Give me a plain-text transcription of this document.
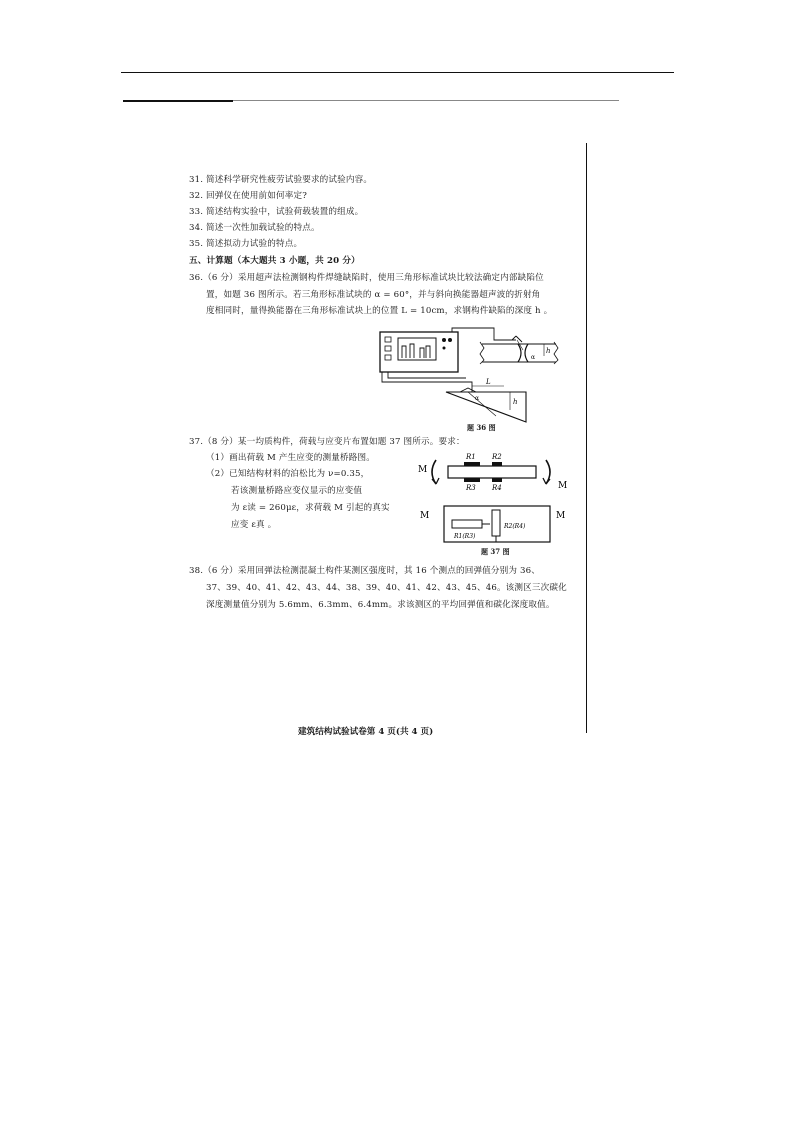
31. 简述科学研究性疲劳试验要求的试验内容。
32. 回弹仪在使用前如何率定?
33. 简述结构实验中，试验荷载装置的组成。
34. 简述一次性加载试验的特点。
35. 简述拟动力试验的特点。
五、计算题（本大题共 3 小题，共 20 分）
36.（6 分）采用超声法检测钢构件焊缝缺陷时，使用三角形标准试块比较法确定内部缺陷位
置，如题 36 图所示。若三角形标准试块的 α = 60°，并与斜向换能器超声波的折射角
度相同时，量得换能器在三角形标准试块上的位置 L = 10cm，求钢构件缺陷的深度 h 。
h
α
L
h
α
题 36 图
37.（8 分）某一均质构件，荷载与应变片布置如题 37 图所示。要求：
（1）画出荷载 M 产生应变的测量桥路图。
（2）已知结构材料的泊松比为 ν=0.35，
若该测量桥路应变仪显示的应变值
为 ε读 = 260με，求荷载 M 引起的真实
应变 ε真 。
M
R1 R2
R3 R4	M
M	M
R1(R3)
R2(R4)
题 37 图
38.（6 分）采用回弹法检测混凝土构件某测区强度时，其 16 个测点的回弹值分别为 36、
37、39、40、41、42、43、44、38、39、40、41、42、43、45、46。该测区三次碳化
深度测量值分别为 5.6mm、6.3mm、6.4mm。求该测区的平均回弹值和碳化深度取值。
建筑结构试验试卷第 4 页(共 4 页)
